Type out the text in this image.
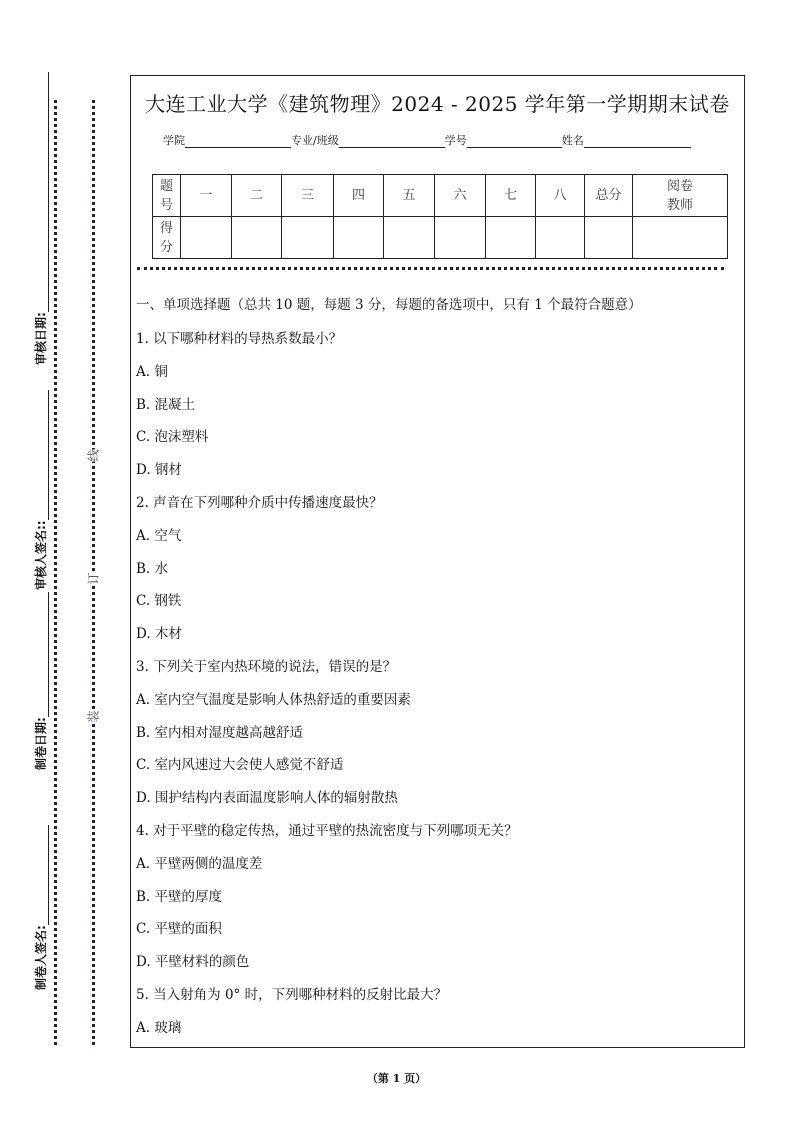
审核日期:
审核人签名::
制卷日期:
制卷人签名:
线
订
装
大连工业大学《建筑物理》2024 - 2025 学年第一学期期末试卷
学院	专业/班级	学号	姓名
题号	一	二	三	四	五	六	七	八	总分	阅卷教师
得分										
一、单项选择题（总共 10 题，每题 3 分，每题的备选项中，只有 1 个最符合题意）
1. 以下哪种材料的导热系数最小？
A. 铜
B. 混凝土
C. 泡沫塑料
D. 钢材
2. 声音在下列哪种介质中传播速度最快？
A. 空气
B. 水
C. 钢铁
D. 木材
3. 下列关于室内热环境的说法，错误的是？
A. 室内空气温度是影响人体热舒适的重要因素
B. 室内相对湿度越高越舒适
C. 室内风速过大会使人感觉不舒适
D. 围护结构内表面温度影响人体的辐射散热
4. 对于平壁的稳定传热，通过平壁的热流密度与下列哪项无关？
A. 平壁两侧的温度差
B. 平壁的厚度
C. 平壁的面积
D. 平壁材料的颜色
5. 当入射角为 0° 时，下列哪种材料的反射比最大？
A. 玻璃
（第 1 页）
